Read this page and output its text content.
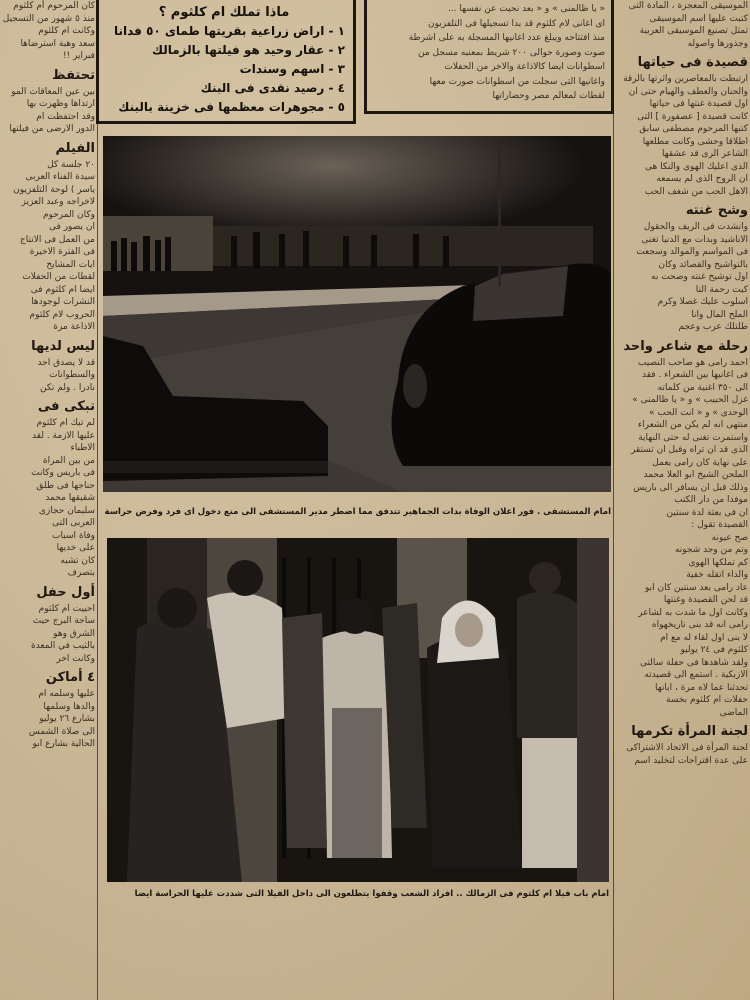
كان المرحوم أم كلثوم

منذ ٥ شهور من التسجيل

وكانت ام كلثوم

سعد وهبة استرضاها

فبراير !!

تحتفظ

بين عين المعاقات المو

ارتداها وظهرت بها

وقد احتفظت ام

الدور الارضى من فيلتها

الفيلم

٢٠ جلسة كل

سيدة الفناء العربى

ياسر ) لوحة التلفزيون

لاخراجه وعبد العزيز

وكان المرحوم

ان يصور فى

من العمل فى الانتاج

فى الفترة الاخيرة

ايات المشايخ

لقطات من الحفلات

ايضا ام كلثوم فى

النشرات لوجودها

الحروب لام كلثوم

الاذاعة مرة

ليس لديها

قد لا يصدق احد

والسطوانات

نادرا . ولم تكن

تبكى فى

لم تبك ام كلثوم

عليها الازمة . لقد

الاطباء

من بين المراة

فى باريس وكانت

حناجها فى طلق

شقيقها محمد

سليمان حجازى

العربى التى

وفاة اسباب

على خديها

كان تشبه

بتصرف

أول حفل

احييت ام كلثوم

ساحة البرج حيث

الشرق وهو

بالثيب في المعدة

وكانت اخر

٤ أماكن

عليها وسلمه ام

والدها وسلمها

بشارع ٢٦ يوليو

الى صلاة الشمس

الحالية بشارع ابو

ماذا تملك ام كلثوم ؟
١ - اراض زراعية بقريتها طماى ٥٠ فدانا
٢ - عقار وحيد هو فيلتها بالزمالك
٣ - اسهم وسندات
٤ - رصيد نقدى فى البنك
٥ - مجوهرات معظمها فى خزينة بالبنك

« يا ظالمنى » و « بعد نحيت عن نفسها ...

اى اغانى لام كلثوم قد بدا تسجيلها فى التلفزيون

منذ افتتاحه ويبلغ عدد اغانيها المسجلة به على اشرطة

صوت وصورة حوالى ٢٠٠ شريط بمعنيه مسجل من

اسطوانات ايضا كالاذاعة والاخر من الحفلات

واغانيها التى سجلت من اسطوانات صورت معها

لقطات لمعالم مصر وحضاراتها

امام المستشفى . فور اعلان الوفاة بدات الجماهير تتدفق مما اضطر مدير المستشفى الى منع دخول اى فرد وفرض حراسة
امام باب فيلا ام كلثوم فى الزمالك .. افراد الشعب وقفوا يتطلعون الى داخل الفيلا التى شددت عليها الحراسة ايضا

الموسيقى المعجزة ، المادة التى

كتبت عليها اسم الموسيقى

تمثل تصنيع الموسيقى العربية

وجذورها واصوله

قصيدة فى حياتها

ارتبطت بالمعاصرين واثرتها بالرقة

والحنان والعطف والهيام حتى ان

اول قصيدة غنتها فى حياتها

كانت قصيدة [ عصفورة ] التى

كتبها المرحوم مصطفى سابق

اطلاقا وحشى وكانت مطلعها

الشاعر الرى قد عشقها

الذى اعليك الهوى والنكا هى

ان الروح الذى لم يسمعه

الاهل الحب من شغف الحب

وشح غنته

وانشدت فى الريف والحقول

الاناشيد وبدات مع الدنيا تغنى

فى المواسم والموالد وسجعت

بالتواشيح والقصائد وكان

اول توشيح غنته وصحت به

كيت رحمة النا

اسلوب عليك غصلا وكرم

الملح المال وانا

طلتلك عرب وعجم

رحلة مع شاعر واحد

احمد رامى هو صاحب النصيب

فى اغانيها بين الشعراء . فقد

الى ٣٥٠ اغنية من كلماته

غزل الحبيب » و « يا ظالمنى »

الوحدى » و « انت الحب »

منتهى انه لم يكن من الشعراء

واستمرت تغنى له حتى النهاية

الذى قد ان تراه وقبل ان تستقر

على نهاية كان رامى يعمل

الملحن الشيخ ابو العلا محمد

وذلك قبل ان يسافر الى باريس

موفدا من دار الكتب

ان فى بعثة لدة سنتين

القصيدة تقول :

صح عيونه

وتم من وجد شجونه

كم تملكها الهوى

والداء اتقله خفية

عاد رامى بعد سنتين كان ابو

قد لحن القصيدة وغنتها

وكانت اول ما شدت به لشاعر

رامى انه قد بنى تاريخهواه

لا بنى اول لقاء له مع ام

كلثوم فى ٢٤ يوليو

ولقد شاهدها فى حفلة سالتى

الازبكية . استمع الى قصيدته

تحدثنا عما لاه مرة ، ابانها

حفلات ام كلثوم بخسة

الماضى

لجنة المرأة تكرمها

لجنة المرأة فى الاتحاد الاشتراكى

على عدة اقتراحات لتخليد اسم
